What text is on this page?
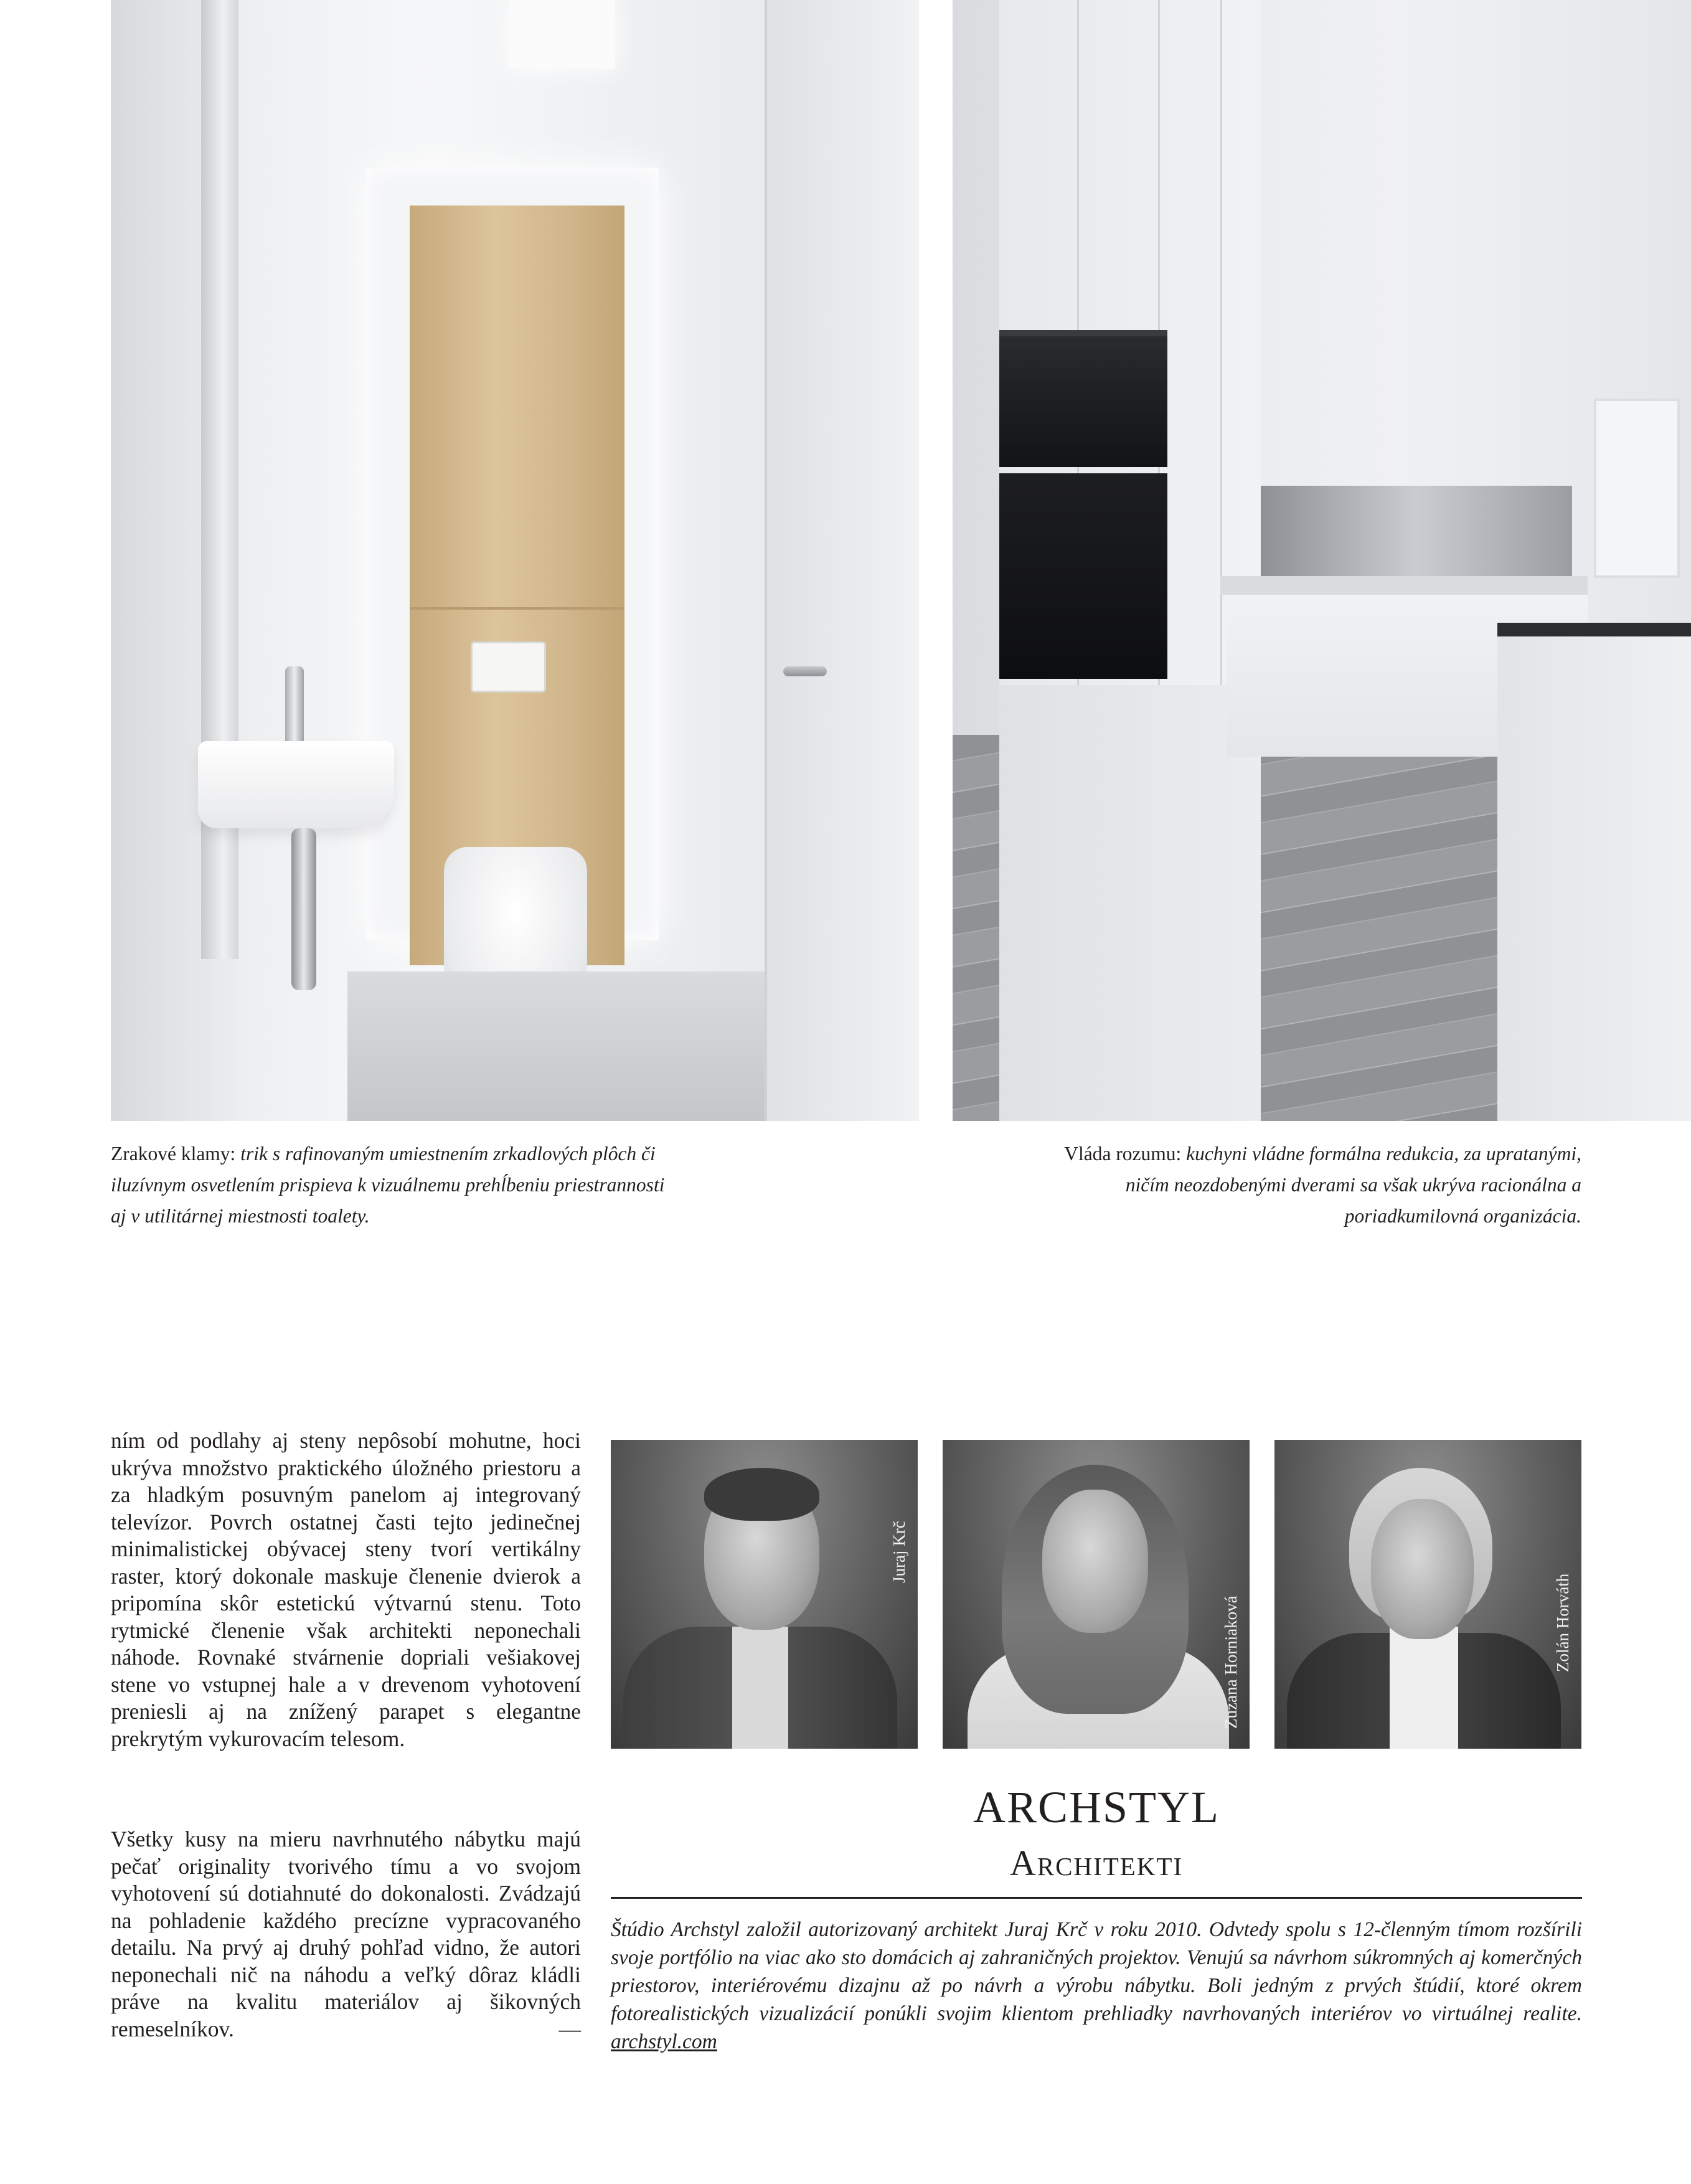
Zrakové klamy: trik s rafinovaným umiestnením zrkadlových plôch či iluzívnym osvetlením prispieva k vizuálnemu prehĺbeniu priestrannosti aj v utilitárnej miestnosti toalety.

Vláda rozumu: kuchyni vládne formálna redukcia, za upratanými, ničím neozdobenými dverami sa však ukrýva racionálna a poriadkumilovná organizácia.

ním od podlahy aj steny nepôsobí mohutne, hoci ukrýva množstvo praktického úložného priestoru a za hladkým posuvným panelom aj integrovaný televízor. Povrch ostatnej časti tejto jedinečnej minimalistickej obývacej steny tvorí vertikálny raster, ktorý dokonale maskuje členenie dvierok a pripomína skôr estetickú výtvarnú stenu. Toto rytmické členenie však architekti neponechali náhode. Rovnaké stvárnenie dopriali vešiakovej stene vo vstupnej hale a v drevenom vyhotovení preniesli aj na znížený parapet s elegantne prekrytým vykurovacím telesom.

Všetky kusy na mieru navrhnutého nábytku majú pečať originality tvorivého tímu a vo svojom vyhotovení sú dotiahnuté do dokonalosti. Zvádzajú na pohladenie každého precízne vypracovaného detailu. Na prvý aj druhý pohľad vidno, že autori neponechali nič na náhodu a veľký dôraz kládli práve na kvalitu materiálov aj šikovných remeselníkov.	—

Juraj Krč
Zuzana Horniaková	Zolán Horváth
ARCHSTYL
Architekti

Štúdio Archstyl založil autorizovaný architekt Juraj Krč v roku 2010. Odvtedy spolu s 12-členným tímom rozšírili svoje portfólio na viac ako sto domácich aj zahraničných projektov. Venujú sa návrhom súkromných aj komerčných priestorov, interiérovému dizajnu až po návrh a výrobu nábytku. Boli jedným z prvých štúdií, ktoré okrem fotorealistických vizualizácií ponúkli svojim klientom prehliadky navrhovaných interiérov vo virtuálnej realite. archstyl.com
